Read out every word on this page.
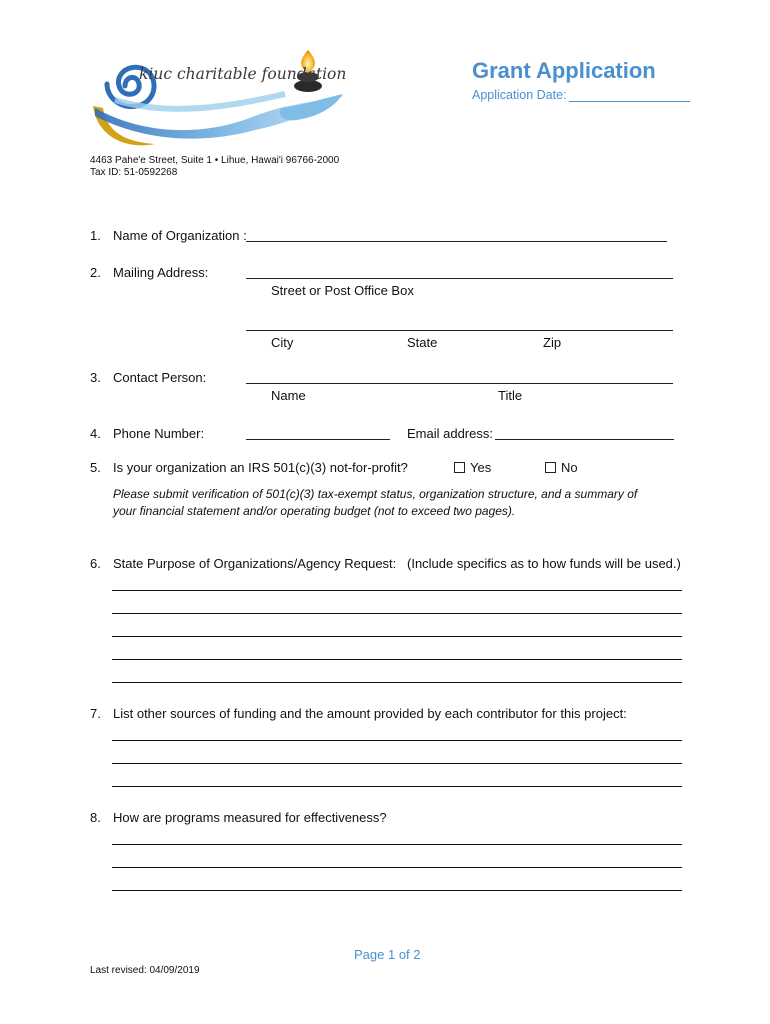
kiuc charitable foundation	Grant Application
Application Date:
4463 Pahe'e Street, Suite 1 • Lihue, Hawai'i 96766-2000
Tax ID: 51-0592268
1. Name of Organization :
2. Mailing Address:
Street or Post Office Box
City	State	Zip
3. Contact Person:
Name	Title
4. Phone Number:	Email address:
5. Is your organization an IRS 501(c)(3) not-for-profit?	Yes	No
Please submit verification of 501(c)(3) tax-exempt status, organization structure, and a summary of
your financial statement and/or operating budget (not to exceed two pages).
6. State Purpose of Organizations/Agency Request: (Include specifics as to how funds will be used.)
7. List other sources of funding and the amount provided by each contributor for this project:
8. How are programs measured for effectiveness?
Page 1 of 2
Last revised: 04/09/2019
